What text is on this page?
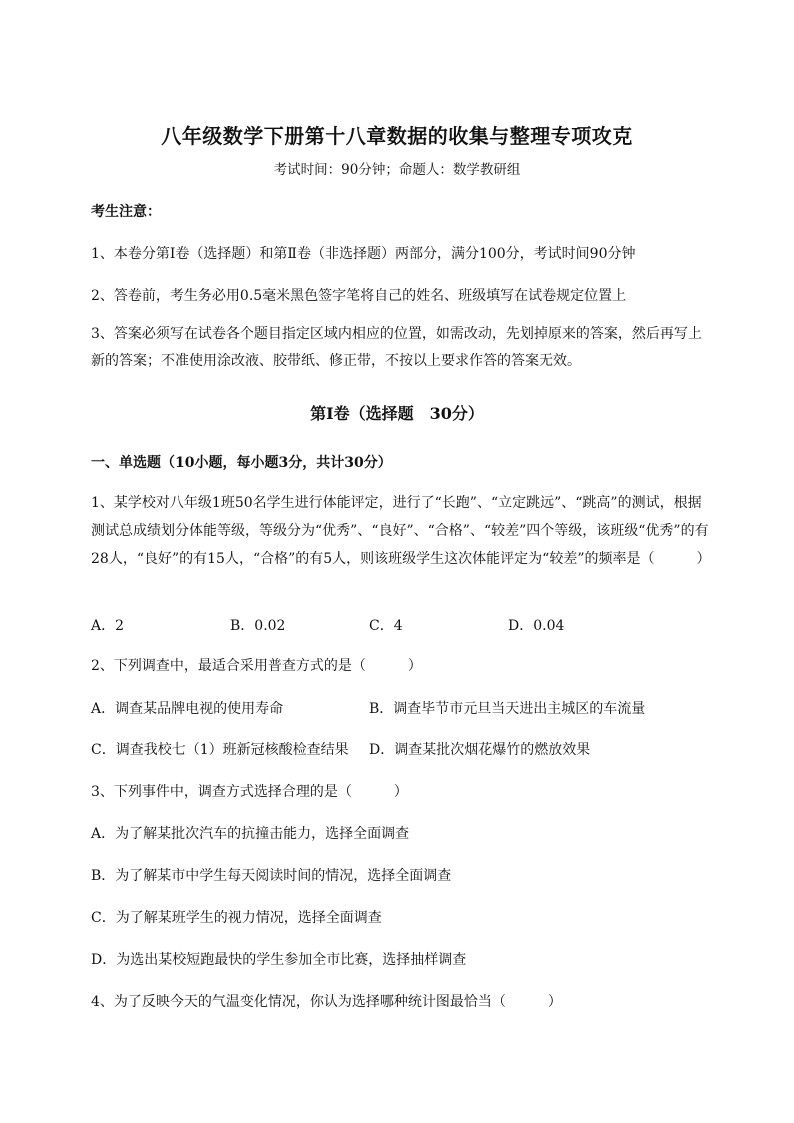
八年级数学下册第十八章数据的收集与整理专项攻克

考试时间：90分钟；命题人：数学教研组

考生注意：

1、本卷分第Ⅰ卷（选择题）和第Ⅱ卷（非选择题）两部分，满分100分，考试时间90分钟

2、答卷前，考生务必用0.5毫米黑色签字笔将自己的姓名、班级填写在试卷规定位置上

3、答案必须写在试卷各个题目指定区域内相应的位置，如需改动，先划掉原来的答案，然后再写上新的答案；不准使用涂改液、胶带纸、修正带，不按以上要求作答的答案无效。

第Ⅰ卷（选择题　30分）

一、单选题（10小题，每小题3分，共计30分）

1、某学校对八年级1班50名学生进行体能评定，进行了“长跑”、“立定跳远”、“跳高”的测试，根据测试总成绩划分体能等级，等级分为“优秀”、“良好”、“合格”、“较差”四个等级，该班级“优秀”的有28人，“良好”的有15人，“合格”的有5人，则该班级学生这次体能评定为“较差”的频率是（　　　）

A．2	B．0.02	C．4	D．0.04

2、下列调查中，最适合采用普查方式的是（　　　）

A．调查某品牌电视的使用寿命	B．调查毕节市元旦当天进出主城区的车流量
C．调查我校七（1）班新冠核酸检查结果 D．调查某批次烟花爆竹的燃放效果

3、下列事件中，调查方式选择合理的是（　　　）

A．为了解某批次汽车的抗撞击能力，选择全面调查
B．为了解某市中学生每天阅读时间的情况，选择全面调查
C．为了解某班学生的视力情况，选择全面调查
D．为选出某校短跑最快的学生参加全市比赛，选择抽样调查

4、为了反映今天的气温变化情况，你认为选择哪种统计图最恰当（　　　）
